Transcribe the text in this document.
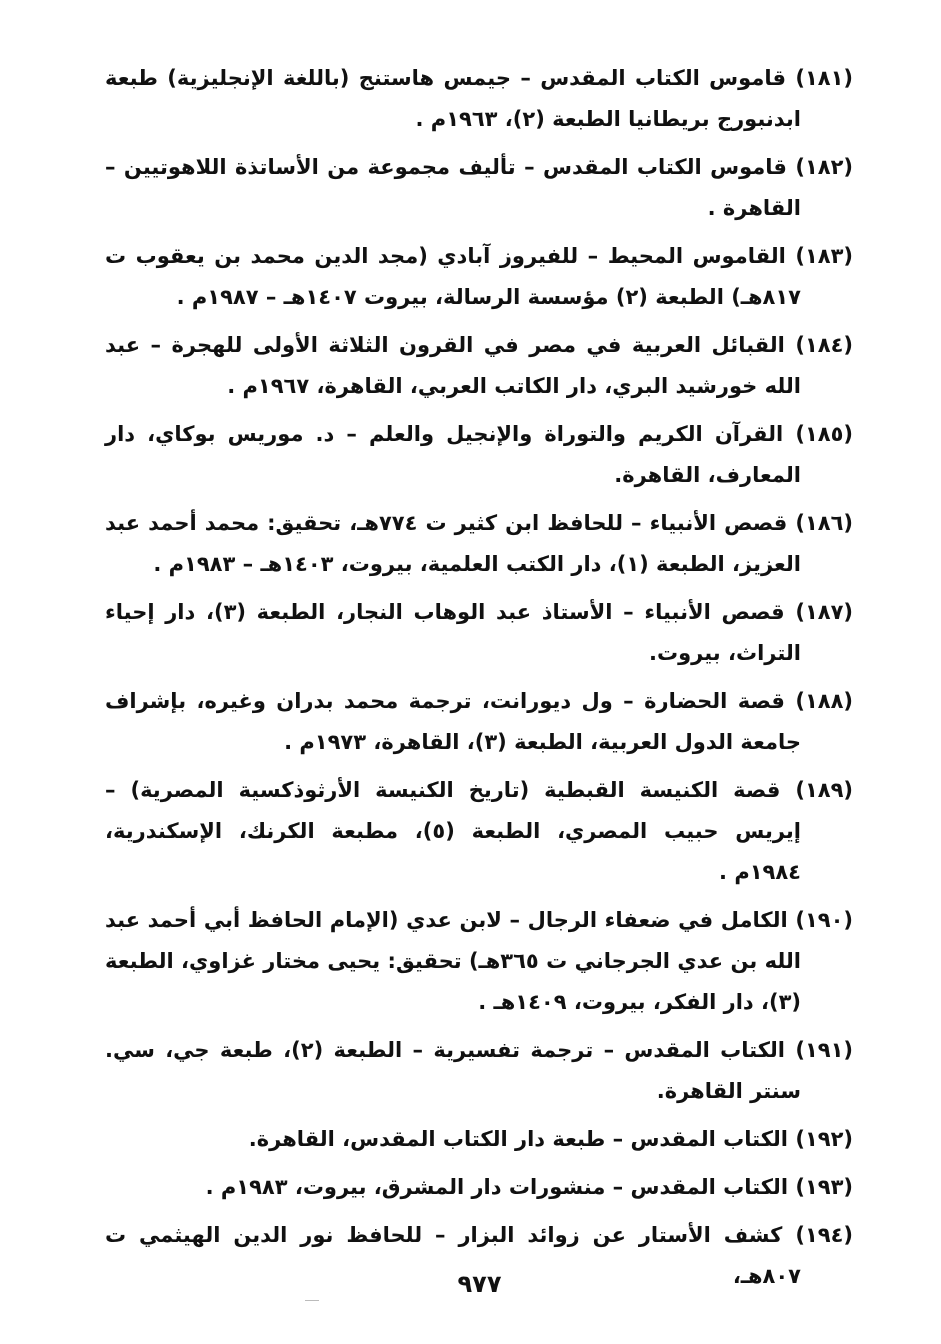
(١٨١) قاموس الكتاب المقدس – جيمس هاستنج (باللغة الإنجليزية) طبعة ابدنبورج بريطانيا الطبعة (٢)، ١٩٦٣م .

(١٨٢) قاموس الكتاب المقدس – تأليف مجموعة من الأساتذة اللاهوتيين – القاهرة .

(١٨٣) القاموس المحيط – للفيروز آبادي (مجد الدين محمد بن يعقوب ت ٨١٧هـ) الطبعة (٢) مؤسسة الرسالة، بيروت ١٤٠٧هـ – ١٩٨٧م .

(١٨٤) القبائل العربية في مصر في القرون الثلاثة الأولى للهجرة – عبد الله خورشيد البري، دار الكاتب العربي، القاهرة، ١٩٦٧م .

(١٨٥) القرآن الكريم والتوراة والإنجيل والعلم – د. موريس بوكاي، دار المعارف، القاهرة.

(١٨٦) قصص الأنبياء – للحافظ ابن كثير ت ٧٧٤هـ، تحقيق: محمد أحمد عبد العزيز، الطبعة (١)، دار الكتب العلمية، بيروت، ١٤٠٣هـ – ١٩٨٣م .

(١٨٧) قصص الأنبياء – الأستاذ عبد الوهاب النجار، الطبعة (٣)، دار إحياء التراث، بيروت.

(١٨٨) قصة الحضارة – ول ديورانت، ترجمة محمد بدران وغيره، بإشراف جامعة الدول العربية، الطبعة (٣)، القاهرة، ١٩٧٣م .

(١٨٩) قصة الكنيسة القبطية (تاريخ الكنيسة الأرثوذكسية المصرية) – إيريس حبيب المصري، الطبعة (٥)، مطبعة الكرنك، الإسكندرية، ١٩٨٤م .

(١٩٠) الكامل في ضعفاء الرجال – لابن عدي (الإمام الحافظ أبي أحمد عبد الله بن عدي الجرجاني ت ٣٦٥هـ) تحقيق: يحيى مختار غزاوي، الطبعة (٣)، دار الفكر، بيروت، ١٤٠٩هـ .

(١٩١) الكتاب المقدس – ترجمة تفسيرية – الطبعة (٢)، طبعة جي، سي. سنتر القاهرة.

(١٩٢) الكتاب المقدس – طبعة دار الكتاب المقدس، القاهرة.

(١٩٣) الكتاب المقدس – منشورات دار المشرق، بيروت، ١٩٨٣م .

(١٩٤) كشف الأستار عن زوائد البزار – للحافظ نور الدين الهيثمي ت ٨٠٧هـ،

٩٧٧
